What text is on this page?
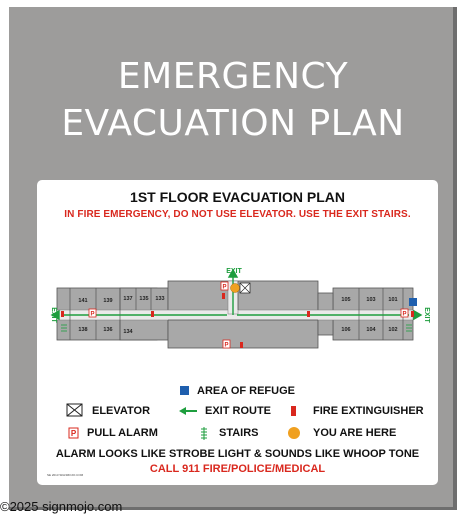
EMERGENCY
EVACUATION PLAN
1ST FLOOR EVACUATION PLAN
IN FIRE EMERGENCY, DO NOT USE ELEVATOR. USE THE EXIT STAIRS.
P
P
P
P
141	139 137 135 133
138	136 134
105	103 101
106	104 102
EXIT
EXIT	EXIT
P
AREA OF REFUGE
ELEVATOR	EXIT ROUTE	FIRE EXTINGUISHER
PULL ALARM	STAIRS	YOU ARE HERE
ALARM LOOKS LIKE STROBE LIGHT & SOUNDS LIKE WHOOP TONE
CALL 911 FIRE/POLICE/MEDICAL
SE 2013 SIGNMOJO.COM
©2025 signmojo.com
